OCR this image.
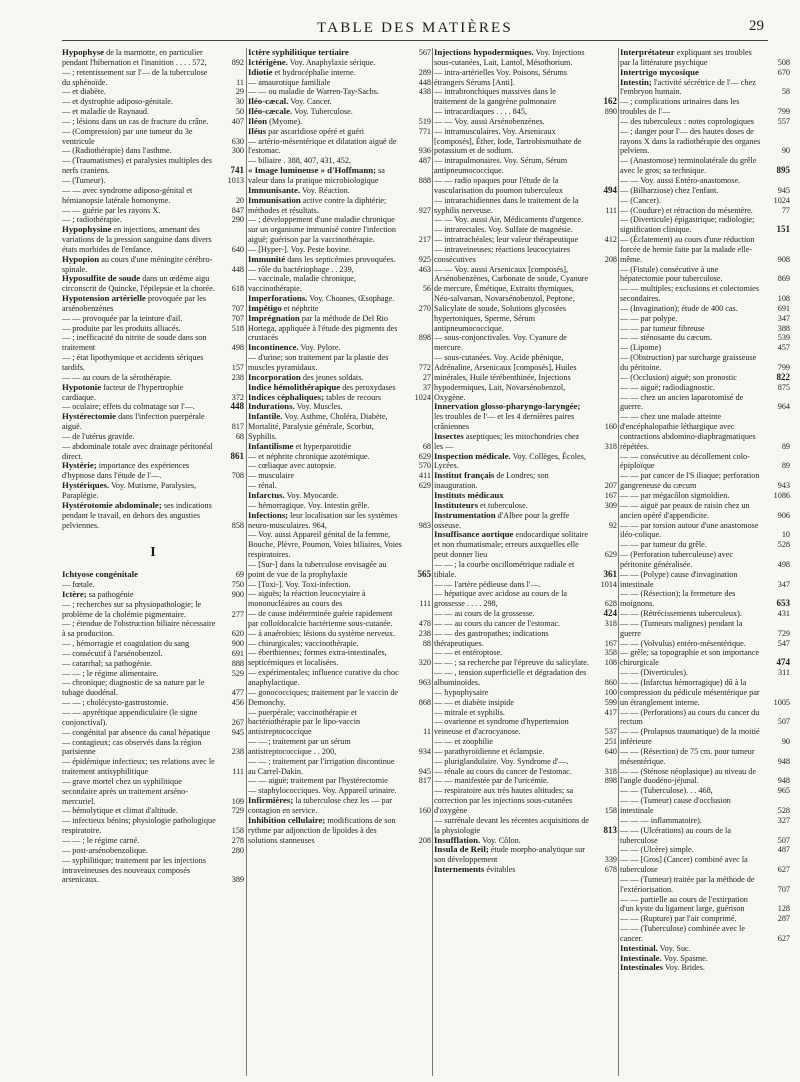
TABLE DES MATIÈRES	29
Hypophyse de la marmotte, en particulier pendant l'hibernation et l'inanition . . . . 572,	892
— ; retentissement sur l'— de la tuberculose du sphénoïde.	11
— et diabète.	29
— et dystrophie adiposo-génitale.	30
— et maladie de Raynaud.	50
— ; lésions dans un cas de fracture du crâne.	407
— (Compression) par une tumeur du 3e ventricule	630
— (Radiothérapie) dans l'asthme.	300
— (Traumatismes) et paralysies multiples des nerfs craniens.	741
— (Tumeur).	1013
— — avec syndrome adiposo-génital et hémianopsie latérale homonyme.	20
— — guérie par les rayons X.	847
— ; radiothérapie.	290
Hypophysine en injections, amenant des variations de la pression sanguine dans divers états morbides de l'enfance.	640
Hypopion au cours d'une méningite cérébro-spinale.	448
Hyposulfite de soude dans un œdème aigu circonscrit de Quincke, l'épilepsie et la chorée.	618
Hypotension artérielle provoquée par les arsénobenzènes	707
— — provoquée par la teinture d'ail.	707
— produite par les produits alliacés.	518
— ; inefficacité du nitrite de soude dans son traitement	498
— ; état lipothymique et accidents sériques tardifs.	157
— — au cours de la sérothérapie.	238
Hypotonie facteur de l'hypertrophie cardiaque.	372
— oculaire; effets du colmatage sur l'—.	448
Hystérectomie dans l'infection puerpérale aiguë.	817
— de l'utérus gravide.	68
— abdominale totale avec drainage péritonéal direct.	861
Hystérie; importance des expériences d'hypnose dans l'étude de l'—.	708
Hystériques. Voy. Mutisme, Paralysies, Paraplégie.
Hystérotomie abdominale; ses indications pendant le travail, en dehors des angusties pelviennes.	858
I
Ichtyose congénitale	69
— fœtale.	750
Ictère; sa pathogénie	900
— ; recherches sur sa physiopathologie; le problème de la cholémie pigmentaire.	277
— ; étendue de l'obstruction biliaire nécessaire à sa production.	620
— , hémorragie et coagulation du sang	900
— consécutif à l'arsénobenzol.	691
— catarrhal; sa pathogénie.	888
— — ; le régime alimentaire.	529
— chronique; diagnostic de sa nature par le tubage duodénal.	477
— — ; cholécysto-gastrostomie.	456
— — apyrétique appendiculaire (le signe conjonctival).	267
— congénital par absence du canal hépatique	945
— contagieux; cas observés dans la région parisienne	238
— épidémique infectieux; ses relations avec le traitement antisyphilitique	111
— grave mortel chez un syphilitique secondaire après un traitement arséno-mercuriel.	109
— hémolytique et climat d'altitude.	729
— infectieux bénins; physiologie pathologique respiratoire.	158
— — ; le régime carné.	278
— post-arsénobenzolique.	280
— syphilitique; traitement par les injections intraveineuses des nouveaux composés arsenicaux.	389
Ictère syphilitique tertiaire	567
Ictérigène. Voy. Anaphylaxie sérique.
Idiotie et hydrocéphalie interne.	289
— amaurotique familiale	448
— — ou maladie de Warren-Tay-Sachs.	438
Iléo-cæcal. Voy. Cancer.
Iléo-cæcale. Voy. Tuberculose.
Iléon (Myome).	519
Iléus par ascaridiose opéré et guéri	771
— artério-mésentérique et dilatation aiguë de l'estomac.	936
— biliaire . 388, 407, 431, 452,	487
« Image lumineuse » d'Hoffmann; sa valeur dans la pratique microbiologique	888
Immunisante. Voy. Réaction.
Immunisation active contre la diphtérie; méthodes et résultats.	927
— ; développement d'une maladie chronique sur un organisme immunisé contre l'infection aiguë; guérison par la vaccinothérapie.	217
— [Hyper-]. Voy. Peste bovine.
Immunité dans les septicémies provoquées.	925
— rôle du bactériophage . . 239,	463
— vaccinale, maladie chronique, vaccinothérapie.	56
Imperforations. Voy. Choanes, Œsophage.
Impétigo et néphrite	270
Imprégnation par la méthode de Del Rio Hortega, appliquée à l'étude des pigments des crustacés	898
Incontinence. Voy. Pylore.
— d'urine; son traitement par la plastie des muscles pyramidaux.	772
Incorporation des jeunes soldats.	27
Indice hémolithérapique des peroxydases	37
Indices céphaliques; tables de recours	1024
Indurations. Voy. Muscles.
Infantile. Voy. Asthme, Choléra, Diabète, Mortalité, Paralysie générale, Scorbut, Syphilis.
Infantilisme et hyperparotidie	68
— et néphrite chronique azotémique.	629
— cœliaque avec autopsie.	570
— musculaire	411
— rénal.	629
Infarctus. Voy. Myocarde.
— hémorragique. Voy. Intestin grêle.
Infections; leur localisation sur les systèmes neuro-musculaires. 964,	983
— Voy. aussi Appareil génital de la femme, Bouche, Plèvre, Poumon, Voies biliaires, Voies respiratoires.
— [Sur-] dans la tuberculose envisagée au point de vue de la prophylaxie	565
— [Toxi-]. Voy. Toxi-infection.
— aiguës; la réaction leucocytaire à mononucléaires au cours des	111
— de cause indéterminée guérie rapidement par colloïdocalcie bactérienne sous-cutanée.	478
— à anaérobies; lésions du système nerveux.	238
— chirurgicales; vaccinothérapie.	88
— éberthiennes; formes extra-intestinales, septicémiques et localisées.	320
— expérimentales; influence curative du choc anaphylactique.	963
— gonococciques; traitement par le vaccin de Demonchy.	868
— puerpérale; vaccinothérapie et bactériothérapie par le lipo-vaccin antistreptococcique	11
— — ; traitement par un sérum antistreptococcique . . 200,	934
— — ; traitement par l'irrigation discontinue au Carrel-Dakin.	945
— — aiguë; traitement par l'hystérectomie	817
— staphylococciques. Voy. Appareil urinaire.
Infirmières; la tuberculose chez les — par contagion en service.	160
Inhibition cellulaire; modifications de son rythme par adjonction de lipoïdes à des solutions stanneuses	208
Injections hypodermiques. Voy. Injections sous-cutanées, Lait, Lantol, Mésothorium.
— intra-artérielles Voy. Poisons, Sérums étrangers Sérums [Anti].
— intrabronchiques massives dans le traitement de la gangrène pulmonaire	162
— intracardiaques . . . . 845,	890
— — Voy. aussi Arsénobenzènes.
— intramusculaires. Voy. Arsenicaux [composés], Éther, Iode, Tartrobismuthate de potassium et de sodium.
— intrapulmonaires. Voy. Sérum, Sérum antipneumococcique.
— — radio opaques pour l'étude de la vascularisation du poumon tuberculeux	494
— intrarachidiennes dans le traitement de la syphilis nerveuse.	111
— — Voy. aussi Air, Médicaments d'urgence.
— intrarectales. Voy. Sulfate de magnésie.
— intratrachéales; leur valeur thérapeutique	412
— intraveineuses; réactions leucocytaires consécutives	208
— — Voy. aussi Arsenicaux [composés], Arsénobenzènes, Carbonate de soude, Cyanure de mercure, Émétique, Extraits thymiques, Néo-salvarsan, Novarsénobenzol, Peptone, Salicylate de soude, Solutions glycosées hypertoniques, Sperme, Sérum antipneumococcique.
— sous-conjonctivales. Voy. Cyanure de mercure.
— sous-cutanées. Voy. Acide phénique, Adrénaline, Arsenicaux [composés], Huiles minérales, Huile térébenthinée, Injections hypodermiques, Lait, Novarsénobenzol, Oxygène.
Innervation glosso-pharyngo-laryngée; les troubles de l'— et les 4 dernières paires crâniennes	160
Insectes aseptiques; les mitochondries chez les —	318
Inspection médicale. Voy. Collèges, Écoles, Lycées.
Institut français de Londres; son inauguration.	207
Instituts médicaux	167
Instituteurs et tuberculose.	309
Instrumentation d'Albee pour la greffe osseuse.	92
Insuffisance aortique endocardique solitaire et non rhumatismale; erreurs auxquelles elle peut donner lieu	629
— — ; la courbe oscillométrique radiale et tibiale.	361
— — l'artère pédieuse dans l'—.	1014
— hépatique avec acidose au cours de la grossesse . . . . 298,	628
— — au cours de la grossesse.	424
— — au cours du cancer de l'estomac.	318
— — des gastropathes; indications thérapeutiques.	167
— — et entéroptose.	358
— — ; sa recherche par l'épreuve du salicylate.	108
— — , tension superficielle et dégradation des albuminoïdes.	860
— hypophysaire	100
— — et diabète insipide	599
— mitrale et syphilis.	417
— ovarienne et syndrome d'hypertension veineuse et d'acrocyanose.	537
— — et zoophilie	251
— parathyroïdienne et éclampsie.	640
— pluriglandulaire. Voy. Syndrome d'—.
— rénale au cours du cancer de l'estomac.	318
— — manifestée par de l'uricémie.	898
— respiratoire aux très hautes altitudes; sa correction par les injections sous-cutanées d'oxygène	158
— surrénale devant les récentes acquisitions de la physiologie	813
Insufflation. Voy. Côlon.
Insula de Reil; étude morpho-analytique sur son développement	339
Internements évitables	678
Interprétateur expliquant ses troubles par la littérature psychique	508
Intertrigo mycosique	670
Intestin; l'activité sécrétrice de l'— chez l'embryon humain.	58
— ; complications urinaires dans les troubles de l'—	799
— des tuberculeux : notes coprologiques	557
— ; danger pour l'— des hautes doses de rayons X dans la radiothérapie des organes pelviens.	90
— (Anastomose) terminolatérale du grêle avec le gros; sa technique.	895
— — Voy. aussi Entéro-anastomose.
— (Bilharziose) chez l'enfant.	945
— (Cancer).	1024
— (Coudure) et rétraction du mésentère.	77
— (Diverticule) épigastrique; radiologie; signification clinique.	151
— (Éclatement) au cours d'une réduction forcée de hernie faite par la malade elle-même.	908
— (Fistule) consécutive à une hépatectomie pour tuberculose.	869
— — multiples; exclusions et colectomies secondaires.	108
— (Invagination); étude de 400 cas.	691
— — par polype.	347
— — par tumeur fibreuse	388
— — sténosante du cæcum.	539
— (Lipome)	457
— (Obstruction) par surcharge graisseuse du péritoine.	799
— (Occlusion) aiguë; son pronostic	822
— — aiguë; radiodiagnostic.	875
— — chez un ancien laparotomisé de guerre.	964
— — chez une malade atteinte d'encéphalopathie léthargique avec contractions abdomino-diaphragmatiques répétées.	89
— — consécutive au décollement colo-épiploïque	89
— — par cancer de l'S iliaque; perforation gangreneuse du cæcum	943
— — par mégacôlon sigmoïdien.	1086
— — aiguë par peaux de raisin chez un ancien opéré d'appendicite.	906
— — par torsion autour d'une anastomose iléo-colique.	10
— — par tumeur du grêle.	528
— (Perforation tuberculeuse) avec péritonite généralisée.	498
— — (Polype) cause d'invagination intestinale	347
— — (Résection); la fermeture des moignons.	653
— — (Rétrécissements tuberculeux).	431
— — (Tumeurs malignes) pendant la guerre	729
— — (Volvulus) entéro-mésentérique.	547
— grêle; sa topographie et son importance chirurgicale	474
— — (Diverticules).	311
— — (Infarctus hémorragique) dû à la compression du pédicule mésentérique par un étranglement interne.	1005
— — (Perforations) au cours du cancer du rectum	507
— — (Prolapsus traumatique) de la moitié inférieure	90
— — (Résection) de 75 cm. pour tumeur mésentérique.	948
— — (Sténose néoplasique) au niveau de l'angle duodéno-jéjunal.	948
— — (Tuberculose). . . 468,	965
— — (Tumeur) cause d'occlusion intestinale	528
— — — inflammatoire).	327
— — (Ulcérations) au cours de la tuberculose	507
— — (Ulcère) simple.	487
— — [Gros] (Cancer) combiné avec la tuberculose	627
— — (Tumeur) traitée par la méthode de l'extériorisation.	707
— — partielle au cours de l'extirpation d'un kyste du ligament large, guérison	128
— — (Rupture) par l'air comprimé.	287
— — (Tuberculose) combinée avec le cancer.	627
Intestinal. Voy. Suc.
Intestinale. Voy. Spasme.
Intestinales Voy. Brides.
